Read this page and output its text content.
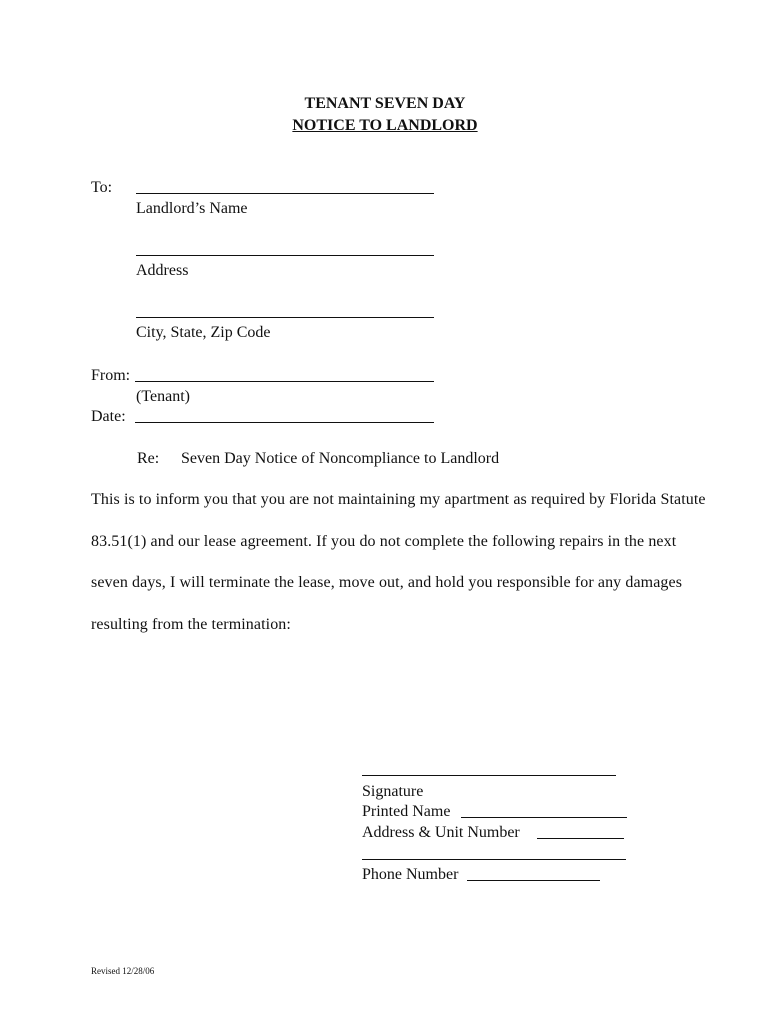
TENANT SEVEN DAY
NOTICE TO LANDLORD
To:
Landlord’s Name
Address
City, State, Zip Code
From:
(Tenant)
Date:
Re: Seven Day Notice of Noncompliance to Landlord
This is to inform you that you are not maintaining my apartment as required by Florida Statute 83.51(1) and our lease agreement. If you do not complete the following repairs in the next seven days, I will terminate the lease, move out, and hold you responsible for any damages resulting from the termination:
Signature
Printed Name
Address & Unit Number
Phone Number
Revised 12/28/06
